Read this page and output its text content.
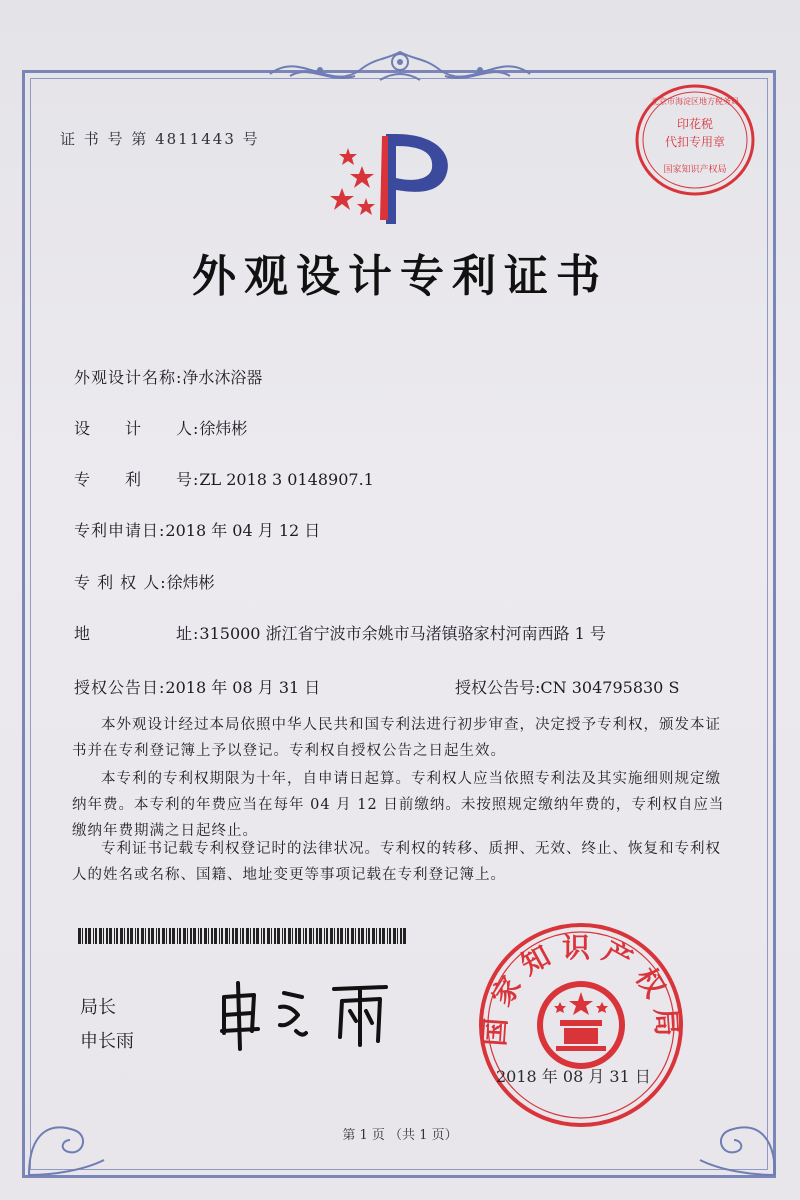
证 书 号 第 4811443 号
印花税
代扣专用章
国家知识产权局
北京市海淀区地方税务局
外观设计专利证书
外观设计名称:净水沐浴器
设　　计　　人:徐炜彬
专　　利　　号:ZL 2018 3 0148907.1
专利申请日:2018 年 04 月 12 日
专 利 权 人:徐炜彬
地　　　　　址:315000 浙江省宁波市余姚市马渚镇骆家村河南西路 1 号
授权公告日:2018 年 08 月 31 日	授权公告号:CN 304795830 S
本外观设计经过本局依照中华人民共和国专利法进行初步审查，决定授予专利权，颁发本证书并在专利登记簿上予以登记。专利权自授权公告之日起生效。
本专利的专利权期限为十年，自申请日起算。专利权人应当依照专利法及其实施细则规定缴纳年费。本专利的年费应当在每年 04 月 12 日前缴纳。未按照规定缴纳年费的，专利权自应当缴纳年费期满之日起终止。
专利证书记载专利权登记时的法律状况。专利权的转移、质押、无效、终止、恢复和专利权人的姓名或名称、国籍、地址变更等事项记载在专利登记簿上。
局长
申长雨	国家知识产权局
2018 年 08 月 31 日
第 1 页 （共 1 页）
